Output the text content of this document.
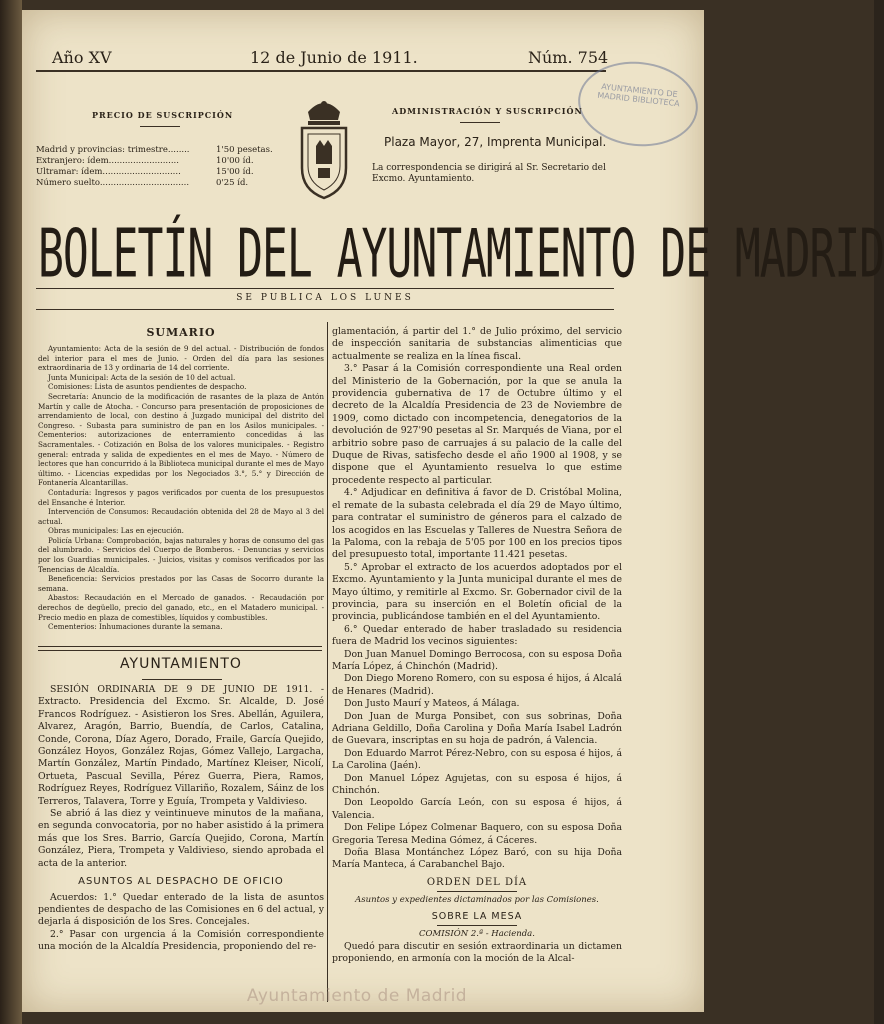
Año XV	12 de Junio de 1911.	Núm. 754
AYUNTAMIENTO DE MADRID BIBLIOTECA
PRECIO DE SUSCRIPCIÓN
Madrid y provincias: trimestre........	1'50 pesetas.
Extranjero: ídem..........................	10'00 íd.
Ultramar: ídem.............................	15'00 íd.
Número suelto.................................	0'25 íd.
ADMINISTRACIÓN Y SUSCRIPCIÓN
Plaza Mayor, 27, Imprenta Municipal.
La correspondencia se dirigirá al Sr. Secretario del Excmo. Ayuntamiento.
BOLETÍN DEL AYUNTAMIENTO DE MADRID
SE PUBLICA LOS LUNES
SUMARIO

Ayuntamiento: Acta de la sesión de 9 del actual. - Distribución de fondos del interior para el mes de Junio. - Orden del día para las sesiones extraordinaria de 13 y ordinaria de 14 del corriente.

Junta Municipal: Acta de la sesión de 10 del actual.

Comisiones: Lista de asuntos pendientes de despacho.

Secretaría: Anuncio de la modificación de rasantes de la plaza de Antón Martín y calle de Atocha. - Concurso para presentación de proposiciones de arrendamiento de local, con destino á Juzgado municipal del distrito del Congreso. - Subasta para suministro de pan en los Asilos municipales. - Cementerios: autorizaciones de enterramiento concedidas á las Sacramentales. - Cotización en Bolsa de los valores municipales. - Registro general: entrada y salida de expedientes en el mes de Mayo. - Número de lectores que han concurrido á la Biblioteca municipal durante el mes de Mayo último. - Licencias expedidas por los Negociados 3.°, 5.° y Dirección de Fontanería Alcantarillas.

Contaduría: Ingresos y pagos verificados por cuenta de los presupuestos del Ensanche é Interior.

Intervención de Consumos: Recaudación obtenida del 28 de Mayo al 3 del actual.

Obras municipales: Las en ejecución.

Policía Urbana: Comprobación, bajas naturales y horas de consumo del gas del alumbrado. - Servicios del Cuerpo de Bomberos. - Denuncias y servicios por los Guardias municipales. - Juicios, visitas y comisos verificados por las Tenencias de Alcaldía.

Beneficencia: Servicios prestados por las Casas de Socorro durante la semana.

Abastos: Recaudación en el Mercado de ganados. - Recaudación por derechos de degüello, precio del ganado, etc., en el Matadero municipal. - Precio medio en plaza de comestibles, líquidos y combustibles.

Cementerios: Inhumaciones durante la semana.

AYUNTAMIENTO

SESIÓN ORDINARIA DE 9 DE JUNIO DE 1911. - Extracto. Presidencia del Excmo. Sr. Alcalde, D. José Francos Rodríguez. - Asistieron los Sres. Abellán, Aguilera, Alvarez, Aragón, Barrio, Buendía, de Carlos, Catalina, Conde, Corona, Díaz Agero, Dorado, Fraile, García Quejido, González Hoyos, González Rojas, Gómez Vallejo, Largacha, Martín González, Martín Pindado, Martínez Kleiser, Nicolí, Ortueta, Pascual Sevilla, Pérez Guerra, Piera, Ramos, Rodríguez Reyes, Rodríguez Villariño, Rozalem, Sáinz de los Terreros, Talavera, Torre y Eguía, Trompeta y Valdivieso.

Se abrió á las diez y veintinueve minutos de la mañana, en segunda convocatoria, por no haber asistido á la primera más que los Sres. Barrio, García Quejido, Corona, Martín González, Piera, Trompeta y Valdivieso, siendo aprobada el acta de la anterior.

ASUNTOS AL DESPACHO DE OFICIO

Acuerdos: 1.° Quedar enterado de la lista de asuntos pendientes de despacho de las Comisiones en 6 del actual, y dejarla á disposición de los Sres. Concejales.

2.° Pasar con urgencia á la Comisión correspondiente una moción de la Alcaldía Presidencia, proponiendo del re-

glamentación, á partir del 1.° de Julio próximo, del servicio de inspección sanitaria de substancias alimenticias que actualmente se realiza en la línea fiscal.

3.° Pasar á la Comisión correspondiente una Real orden del Ministerio de la Gobernación, por la que se anula la providencia gubernativa de 17 de Octubre último y el decreto de la Alcaldía Presidencia de 23 de Noviembre de 1909, como dictado con incompetencia, denegatorios de la devolución de 927'90 pesetas al Sr. Marqués de Viana, por el arbitrio sobre paso de carruajes á su palacio de la calle del Duque de Rivas, satisfecho desde el año 1900 al 1908, y se dispone que el Ayuntamiento resuelva lo que estime procedente respecto al particular.

4.° Adjudicar en definitiva á favor de D. Cristóbal Molina, el remate de la subasta celebrada el día 29 de Mayo último, para contratar el suministro de géneros para el calzado de los acogidos en las Escuelas y Talleres de Nuestra Señora de la Paloma, con la rebaja de 5'05 por 100 en los precios tipos del presupuesto total, importante 11.421 pesetas.

5.° Aprobar el extracto de los acuerdos adoptados por el Excmo. Ayuntamiento y la Junta municipal durante el mes de Mayo último, y remitirle al Excmo. Sr. Gobernador civil de la provincia, para su inserción en el Boletín oficial de la provincia, publicándose también en el del Ayuntamiento.

6.° Quedar enterado de haber trasladado su residencia fuera de Madrid los vecinos siguientes:

Don Juan Manuel Domingo Berrocosa, con su esposa Doña María López, á Chinchón (Madrid).

Don Diego Moreno Romero, con su esposa é hijos, á Alcalá de Henares (Madrid).

Don Justo Maurí y Mateos, á Málaga.

Don Juan de Murga Ponsibet, con sus sobrinas, Doña Adriana Geldillo, Doña Carolina y Doña María Isabel Ladrón de Guevara, inscriptas en su hoja de padrón, á Valencia.

Don Eduardo Marrot Pérez-Nebro, con su esposa é hijos, á La Carolina (Jaén).

Don Manuel López Agujetas, con su esposa é hijos, á Chinchón.

Don Leopoldo García León, con su esposa é hijos, á Valencia.

Don Felipe López Colmenar Baquero, con su esposa Doña Gregoria Teresa Medina Gómez, á Cáceres.

Doña Blasa Montánchez López Baró, con su hija Doña María Manteca, á Carabanchel Bajo.

ORDEN DEL DÍA
Asuntos y expedientes dictaminados por las Comisiones.
SOBRE LA MESA
COMISIÓN 2.ª - Hacienda.

Quedó para discutir en sesión extraordinaria un dictamen proponiendo, en armonía con la moción de la Alcal-

Ayuntamiento de Madrid
